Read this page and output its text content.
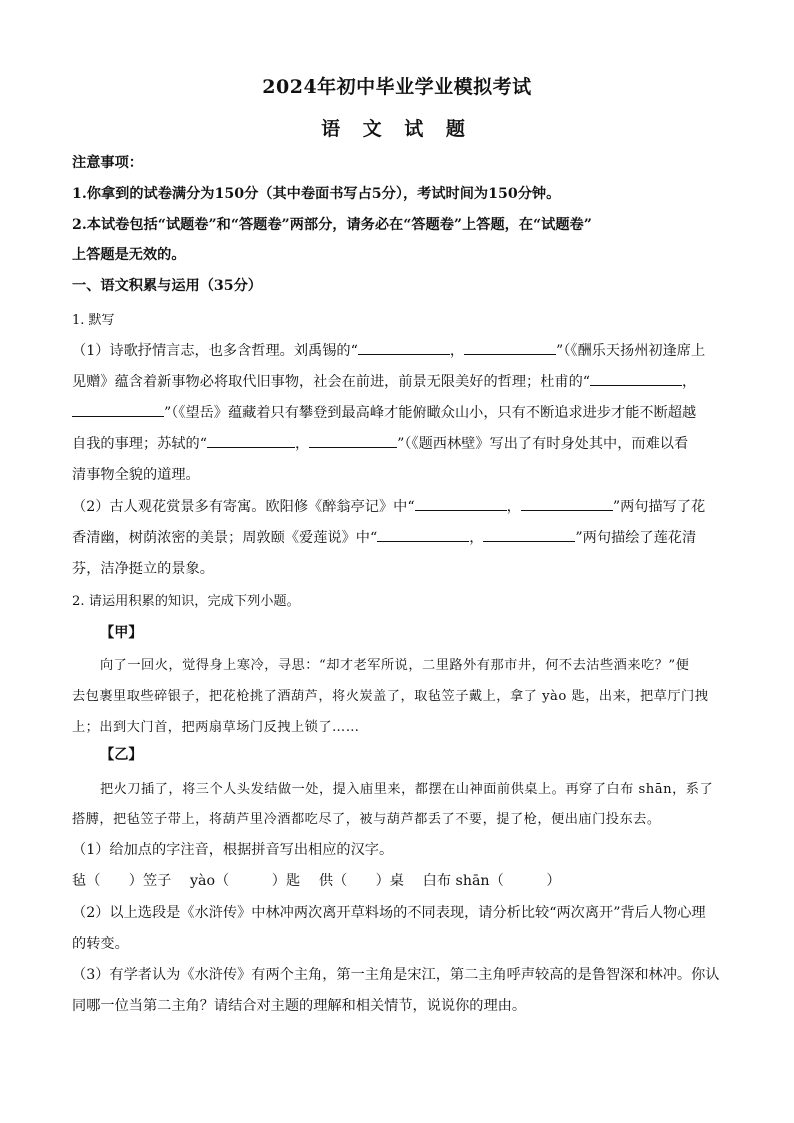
2024年初中毕业学业模拟考试
语 文 试 题
注意事项：
1.你拿到的试卷满分为150分（其中卷面书写占5分），考试时间为150分钟。
2.本试卷包括“试题卷”和“答题卷”两部分，请务必在“答题卷”上答题，在“试题卷”
上答题是无效的。
一、语文积累与运用（35分）
1. 默写
（1）诗歌抒情言志，也多含哲理。刘禹锡的“	，	”（《酬乐天扬州初逢席上
见赠》蕴含着新事物必将取代旧事物，社会在前进，前景无限美好的哲理；杜甫的“	，
”（《望岳》蕴藏着只有攀登到最高峰才能俯瞰众山小，只有不断追求进步才能不断超越
自我的事理；苏轼的“	，	”（《题西林壁》写出了有时身处其中，而难以看
清事物全貌的道理。
（2）古人观花赏景多有寄寓。欧阳修《醉翁亭记》中“	，	”两句描写了花
香清幽，树荫浓密的美景；周敦颐《爱莲说》中“	，	”两句描绘了莲花清
芬，洁净挺立的景象。
2. 请运用积累的知识，完成下列小题。
【甲】
向了一回火，觉得身上寒冷，寻思：“却才老军所说，二里路外有那市井，何不去沽些酒来吃？”便
去包裹里取些碎银子，把花枪挑了酒葫芦，将火炭盖了，取毡笠子戴上，拿了 yào 匙，出来，把草厅门拽
上；出到大门首，把两扇草场门反拽上锁了……
【乙】
把火刀插了，将三个人头发结做一处，提入庙里来，都摆在山神面前供桌上。再穿了白布 shān，系了
搭膊，把毡笠子带上，将葫芦里冷酒都吃尽了，被与葫芦都丢了不要，提了枪，便出庙门投东去。
（1）给加点的字注音，根据拼音写出相应的汉字。
毡（　　）笠子　 yào（　　　）匙　 供（　　）桌　 白布 shān（　　　）
（2）以上选段是《水浒传》中林冲两次离开草料场的不同表现，请分析比较“两次离开”背后人物心理
的转变。
（3）有学者认为《水浒传》有两个主角，第一主角是宋江，第二主角呼声较高的是鲁智深和林冲。你认
同哪一位当第二主角？请结合对主题的理解和相关情节，说说你的理由。
